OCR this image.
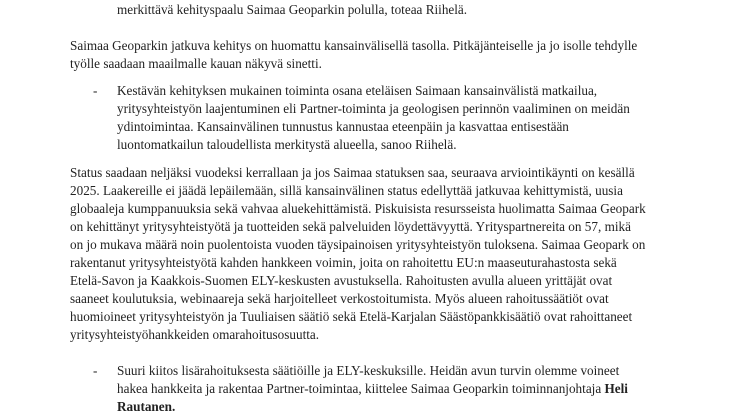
merkittävä kehityspaalu Saimaa Geoparkin polulla, toteaa Riihelä.
Saimaa Geoparkin jatkuva kehitys on huomattu kansainvälisellä tasolla. Pitkäjänteiselle ja jo isolle tehdylle
työlle saadaan maailmalle kauan näkyvä sinetti.
- Kestävän kehityksen mukainen toiminta osana eteläisen Saimaan kansainvälistä matkailua,
yritysyhteistyön laajentuminen eli Partner-toiminta ja geologisen perinnön vaaliminen on meidän
ydintoimintaa. Kansainvälinen tunnustus kannustaa eteenpäin ja kasvattaa entisestään
luontomatkailun taloudellista merkitystä alueella, sanoo Riihelä.
Status saadaan neljäksi vuodeksi kerrallaan ja jos Saimaa statuksen saa, seuraava arviointikäynti on kesällä
2025. Laakereille ei jäädä lepäilemään, sillä kansainvälinen status edellyttää jatkuvaa kehittymistä, uusia
globaaleja kumppanuuksia sekä vahvaa aluekehittämistä. Piskuisista resursseista huolimatta Saimaa Geopark
on kehittänyt yritysyhteistyötä ja tuotteiden sekä palveluiden löydettävyyttä. Yrityspartnereita on 57, mikä
on jo mukava määrä noin puolentoista vuoden täysipainoisen yritysyhteistyön tuloksena. Saimaa Geopark on
rakentanut yritysyhteistyötä kahden hankkeen voimin, joita on rahoitettu EU:n maaseuturahastosta sekä
Etelä-Savon ja Kaakkois-Suomen ELY-keskusten avustuksella. Rahoitusten avulla alueen yrittäjät ovat
saaneet koulutuksia, webinaareja sekä harjoitelleet verkostoitumista. Myös alueen rahoitussäätiöt ovat
huomioineet yritysyhteistyön ja Tuuliaisen säätiö sekä Etelä-Karjalan Säästöpankkisäätiö ovat rahoittaneet
yritysyhteistyöhankkeiden omarahoitusosuutta.
- Suuri kiitos lisärahoituksesta säätiöille ja ELY-keskuksille. Heidän avun turvin olemme voineet
hakea hankkeita ja rakentaa Partner-toimintaa, kiittelee Saimaa Geoparkin toiminnanjohtaja Heli
Rautanen.
